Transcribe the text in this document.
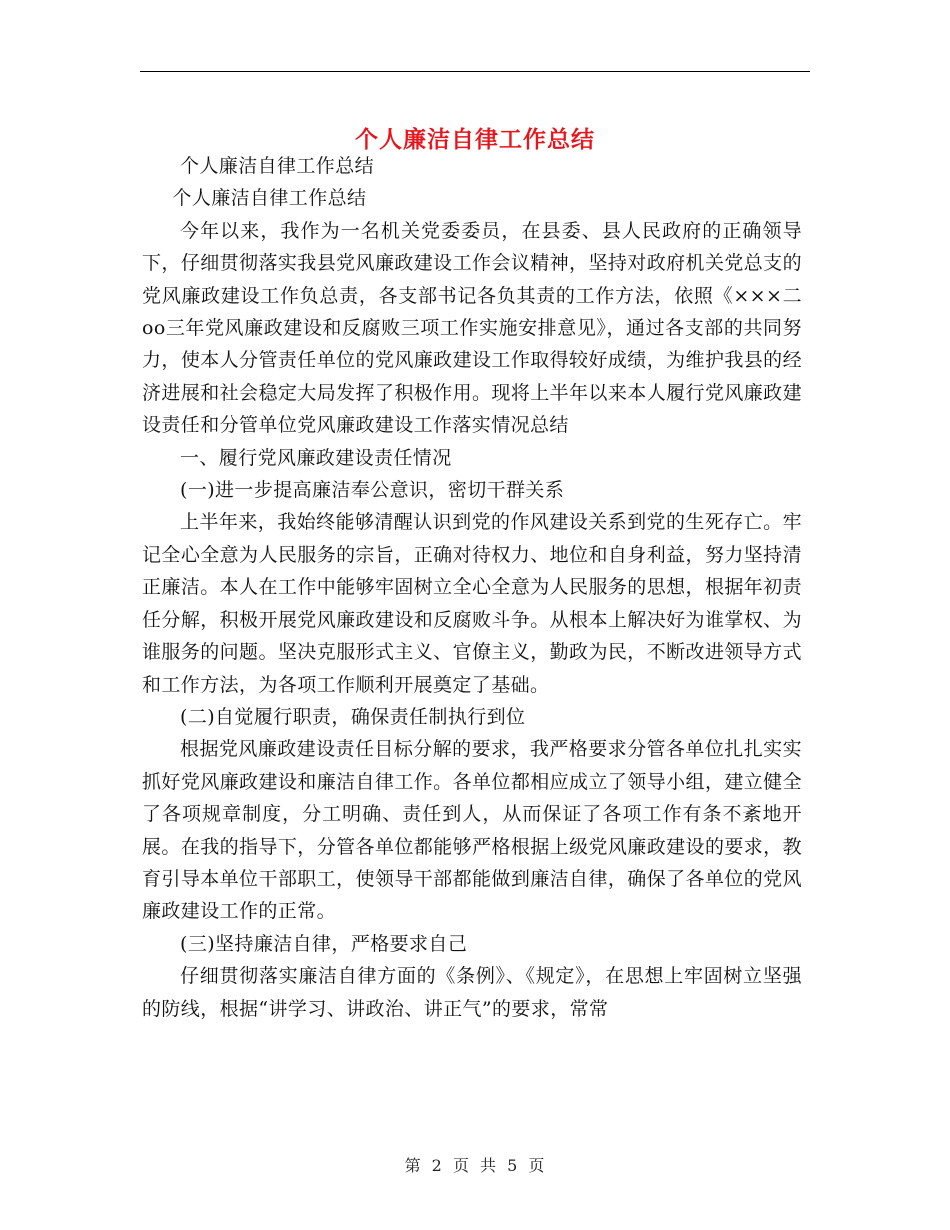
个人廉洁自律工作总结

个人廉洁自律工作总结

个人廉洁自律工作总结

今年以来，我作为一名机关党委委员，在县委、县人民政府的正确领导下，仔细贯彻落实我县党风廉政建设工作会议精神，坚持对政府机关党总支的党风廉政建设工作负总责，各支部书记各负其责的工作方法，依照《×××二oo三年党风廉政建设和反腐败三项工作实施安排意见》，通过各支部的共同努力，使本人分管责任单位的党风廉政建设工作取得较好成绩，为维护我县的经济进展和社会稳定大局发挥了积极作用。现将上半年以来本人履行党风廉政建设责任和分管单位党风廉政建设工作落实情况总结

一、履行党风廉政建设责任情况

(一)进一步提高廉洁奉公意识，密切干群关系

上半年来，我始终能够清醒认识到党的作风建设关系到党的生死存亡。牢记全心全意为人民服务的宗旨，正确对待权力、地位和自身利益，努力坚持清正廉洁。本人在工作中能够牢固树立全心全意为人民服务的思想，根据年初责任分解，积极开展党风廉政建设和反腐败斗争。从根本上解决好为谁掌权、为谁服务的问题。坚决克服形式主义、官僚主义，勤政为民，不断改进领导方式和工作方法，为各项工作顺利开展奠定了基础。

(二)自觉履行职责，确保责任制执行到位

根据党风廉政建设责任目标分解的要求，我严格要求分管各单位扎扎实实抓好党风廉政建设和廉洁自律工作。各单位都相应成立了领导小组，建立健全了各项规章制度，分工明确、责任到人，从而保证了各项工作有条不紊地开展。在我的指导下，分管各单位都能够严格根据上级党风廉政建设的要求，教育引导本单位干部职工，使领导干部都能做到廉洁自律，确保了各单位的党风廉政建设工作的正常。

(三)坚持廉洁自律，严格要求自己

仔细贯彻落实廉洁自律方面的《条例》、《规定》，在思想上牢固树立坚强的防线，根据“讲学习、讲政治、讲正气”的要求，常常

第 2 页 共 5 页
